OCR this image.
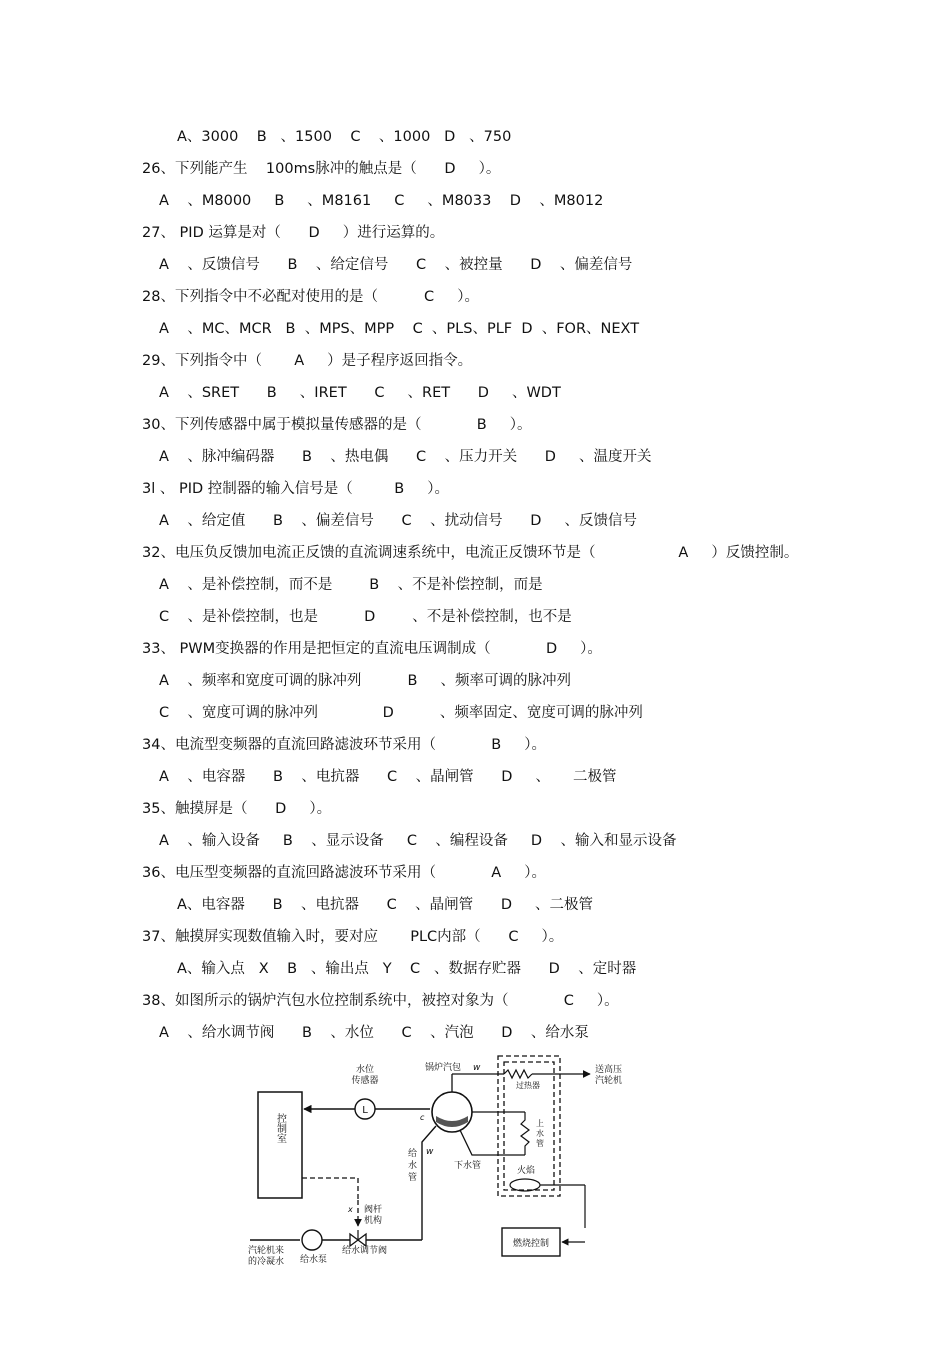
A、3000    B   、1500    C    、1000   D   、750
26、下列能产生    100ms脉冲的触点是（      D     ）。
A    、M8000     B     、M8161     C     、M8033    D    、M8012
27、 PID 运算是对（      D     ）进行运算的。
A    、反馈信号      B    、给定信号      C    、被控量      D    、偏差信号
28、下列指令中不必配对使用的是（          C     ）。
A    、MC、MCR   B  、MPS、MPP    C  、PLS、PLF  D  、FOR、NEXT
29、下列指令中（       A     ）是子程序返回指令。
A    、SRET      B     、IRET      C     、RET      D     、WDT
30、下列传感器中属于模拟量传感器的是（            B     ）。
A    、脉冲编码器      B    、热电偶      C    、压力开关      D     、温度开关
3l 、 PID 控制器的输入信号是（         B     ）。
A    、给定值      B    、偏差信号      C    、扰动信号      D     、反馈信号
32、电压负反馈加电流正反馈的直流调速系统中，电流正反馈环节是（                  A     ）反馈控制。
A    、是补偿控制，而不是        B    、不是补偿控制，而是
C    、是补偿控制，也是          D        、不是补偿控制，也不是
33、 PWM变换器的作用是把恒定的直流电压调制成（            D     ）。
A    、频率和宽度可调的脉冲列          B     、频率可调的脉冲列
C    、宽度可调的脉冲列              D          、频率固定、宽度可调的脉冲列
34、电流型变频器的直流回路滤波环节采用（            B     ）。
A    、电容器      B    、电抗器      C    、晶闸管      D     、     二极管
35、触摸屏是（      D     ）。
A    、输入设备     B    、显示设备     C    、编程设备     D    、输入和显示设备
36、电压型变频器的直流回路滤波环节采用（            A     ）。
A、电容器      B    、电抗器      C    、晶闸管      D     、二极管
37、触摸屏实现数值输入时，要对应       PLC内部（      C     ）。
A、输入点   X    B   、输出点   Y    C   、数据存贮器      D    、定时器
38、如图所示的锅炉汽包水位控制系统中，被控对象为（            C     ）。
A    、给水调节阀      B    、水位      C    、汽泡      D    、给水泵
控制室
L
水位
传感器
锅炉汽包 w
c
过热器
送高压
汽轮机
上
水
管
下水管	火焰
燃烧控制
给
水
管
w
x 阀杆
机构
汽轮机来
的冷凝水 给水泵
给水调节阀
